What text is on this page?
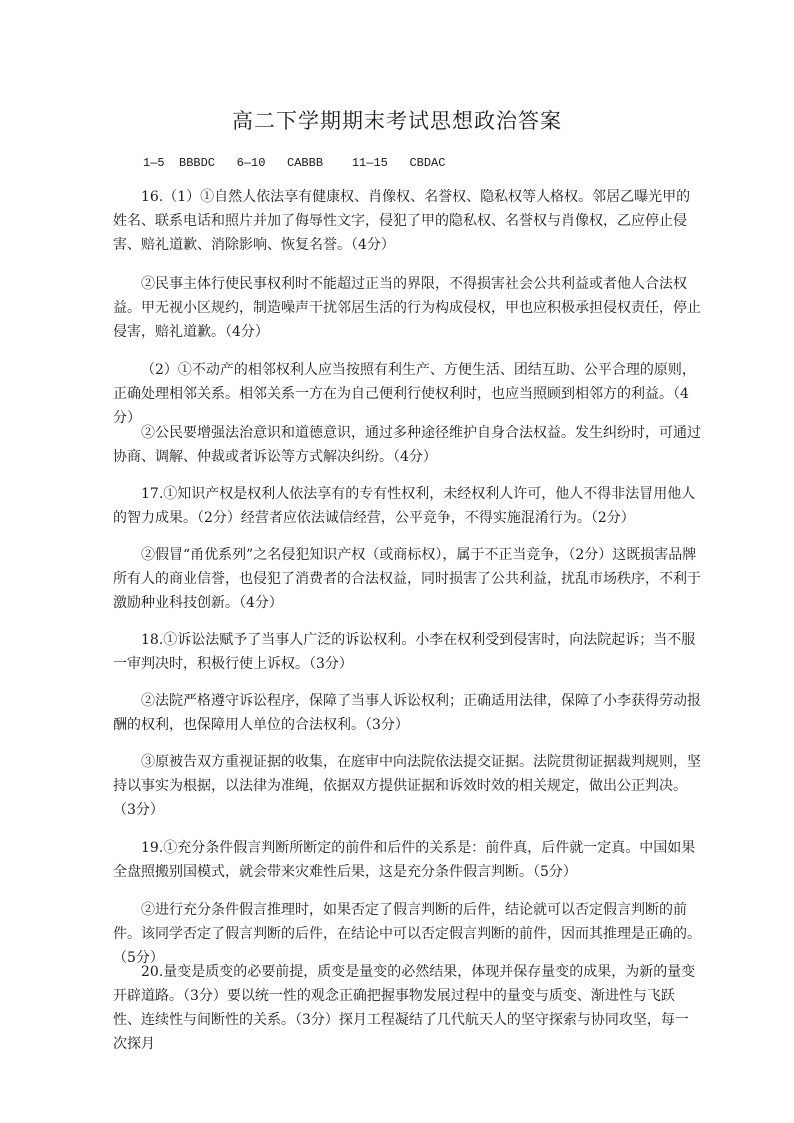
高二下学期期末考试思想政治答案
1—5  BBBDC   6—10   CABBB    11—15   CBDAC

16.（1）①自然人依法享有健康权、肖像权、名誉权、隐私权等人格权。邻居乙曝光甲的姓名、联系电话和照片并加了侮辱性文字，侵犯了甲的隐私权、名誉权与肖像权，乙应停止侵害、赔礼道歉、消除影响、恢复名誉。（4分）

②民事主体行使民事权利时不能超过正当的界限，不得损害社会公共利益或者他人合法权益。甲无视小区规约，制造噪声干扰邻居生活的行为构成侵权，甲也应积极承担侵权责任，停止侵害，赔礼道歉。（4分）

（2）①不动产的相邻权利人应当按照有利生产、方便生活、团结互助、公平合理的原则，正确处理相邻关系。相邻关系一方在为自己便利行使权利时，也应当照顾到相邻方的利益。（4分）

②公民要增强法治意识和道德意识，通过多种途径维护自身合法权益。发生纠纷时，可通过协商、调解、仲裁或者诉讼等方式解决纠纷。（4分）

17.①知识产权是权利人依法享有的专有性权利，未经权利人许可，他人不得非法冒用他人的智力成果。（2分）经营者应依法诚信经营，公平竞争，不得实施混淆行为。（2分）

②假冒“甬优系列”之名侵犯知识产权（或商标权），属于不正当竞争，（2分）这既损害品牌所有人的商业信誉，也侵犯了消费者的合法权益，同时损害了公共利益，扰乱市场秩序，不利于激励种业科技创新。（4分）

18.①诉讼法赋予了当事人广泛的诉讼权利。小李在权利受到侵害时，向法院起诉；当不服一审判决时，积极行使上诉权。（3分）

②法院严格遵守诉讼程序，保障了当事人诉讼权利；正确适用法律，保障了小李获得劳动报酬的权利，也保障用人单位的合法权利。（3分）

③原被告双方重视证据的收集，在庭审中向法院依法提交证据。法院贯彻证据裁判规则，坚持以事实为根据，以法律为准绳，依据双方提供证据和诉效时效的相关规定，做出公正判决。（3分）

19.①充分条件假言判断所断定的前件和后件的关系是：前件真，后件就一定真。中国如果全盘照搬别国模式，就会带来灾难性后果，这是充分条件假言判断。（5分）

②进行充分条件假言推理时，如果否定了假言判断的后件，结论就可以否定假言判断的前件。该同学否定了假言判断的后件，在结论中可以否定假言判断的前件，因而其推理是正确的。（5分）

20.量变是质变的必要前提，质变是量变的必然结果，体现并保存量变的成果，为新的量变开辟道路。（3分）要以统一性的观念正确把握事物发展过程中的量变与质变、渐进性与飞跃性、连续性与间断性的关系。（3分）探月工程凝结了几代航天人的坚守探索与协同攻坚，每一次探月
